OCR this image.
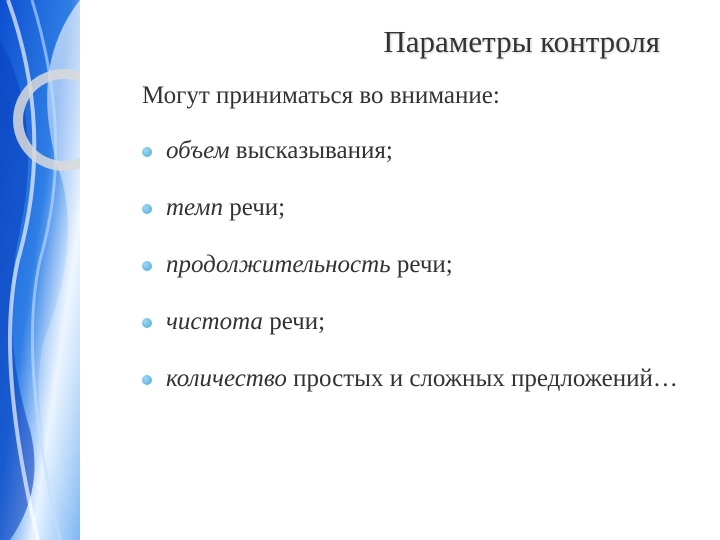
Параметры контроля
Могут приниматься во внимание:
объем высказывания;
темп речи;
продолжительность речи;
чистота речи;
количество простых и сложных предложений…
